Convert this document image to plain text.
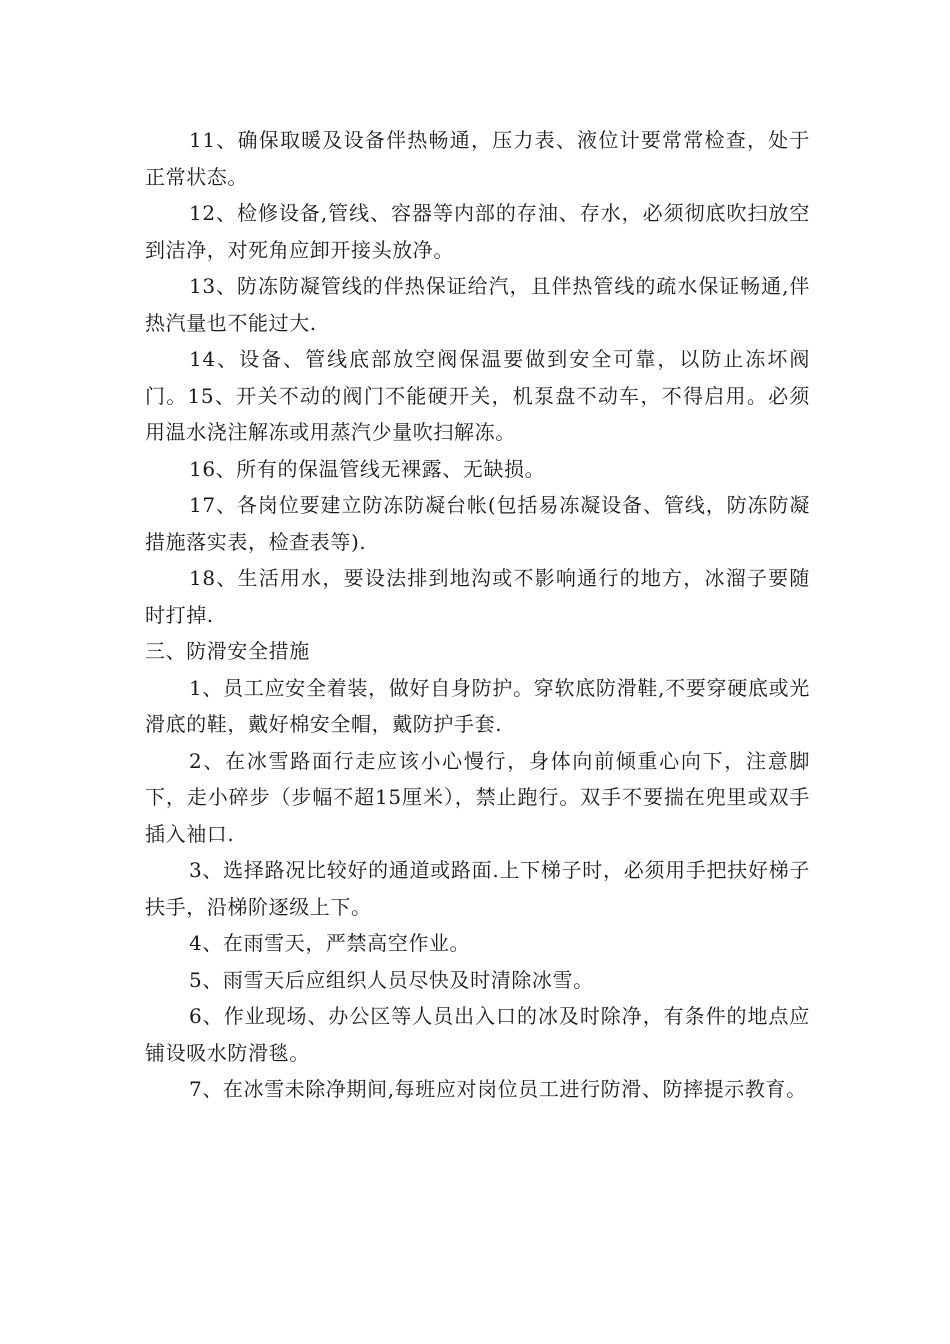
11、确保取暖及设备伴热畅通，压力表、液位计要常常检查，处于正常状态。

12、检修设备,管线、容器等内部的存油、存水，必须彻底吹扫放空到洁净，对死角应卸开接头放净。

13、防冻防凝管线的伴热保证给汽，且伴热管线的疏水保证畅通,伴热汽量也不能过大.

14、设备、管线底部放空阀保温要做到安全可靠，以防止冻坏阀门。15、开关不动的阀门不能硬开关，机泵盘不动车，不得启用。必须用温水浇注解冻或用蒸汽少量吹扫解冻。

16、所有的保温管线无裸露、无缺损。

17、各岗位要建立防冻防凝台帐(包括易冻凝设备、管线，防冻防凝措施落实表，检查表等).

18、生活用水，要设法排到地沟或不影响通行的地方，冰溜子要随时打掉.

三、防滑安全措施

1、员工应安全着装，做好自身防护。穿软底防滑鞋,不要穿硬底或光滑底的鞋，戴好棉安全帽，戴防护手套.

2、在冰雪路面行走应该小心慢行，身体向前倾重心向下，注意脚下，走小碎步（步幅不超15厘米），禁止跑行。双手不要揣在兜里或双手插入袖口.

3、选择路况比较好的通道或路面.上下梯子时，必须用手把扶好梯子扶手，沿梯阶逐级上下。

4、在雨雪天，严禁高空作业。

5、雨雪天后应组织人员尽快及时清除冰雪。

6、作业现场、办公区等人员出入口的冰及时除净，有条件的地点应铺设吸水防滑毯。

7、在冰雪未除净期间,每班应对岗位员工进行防滑、防摔提示教育。
